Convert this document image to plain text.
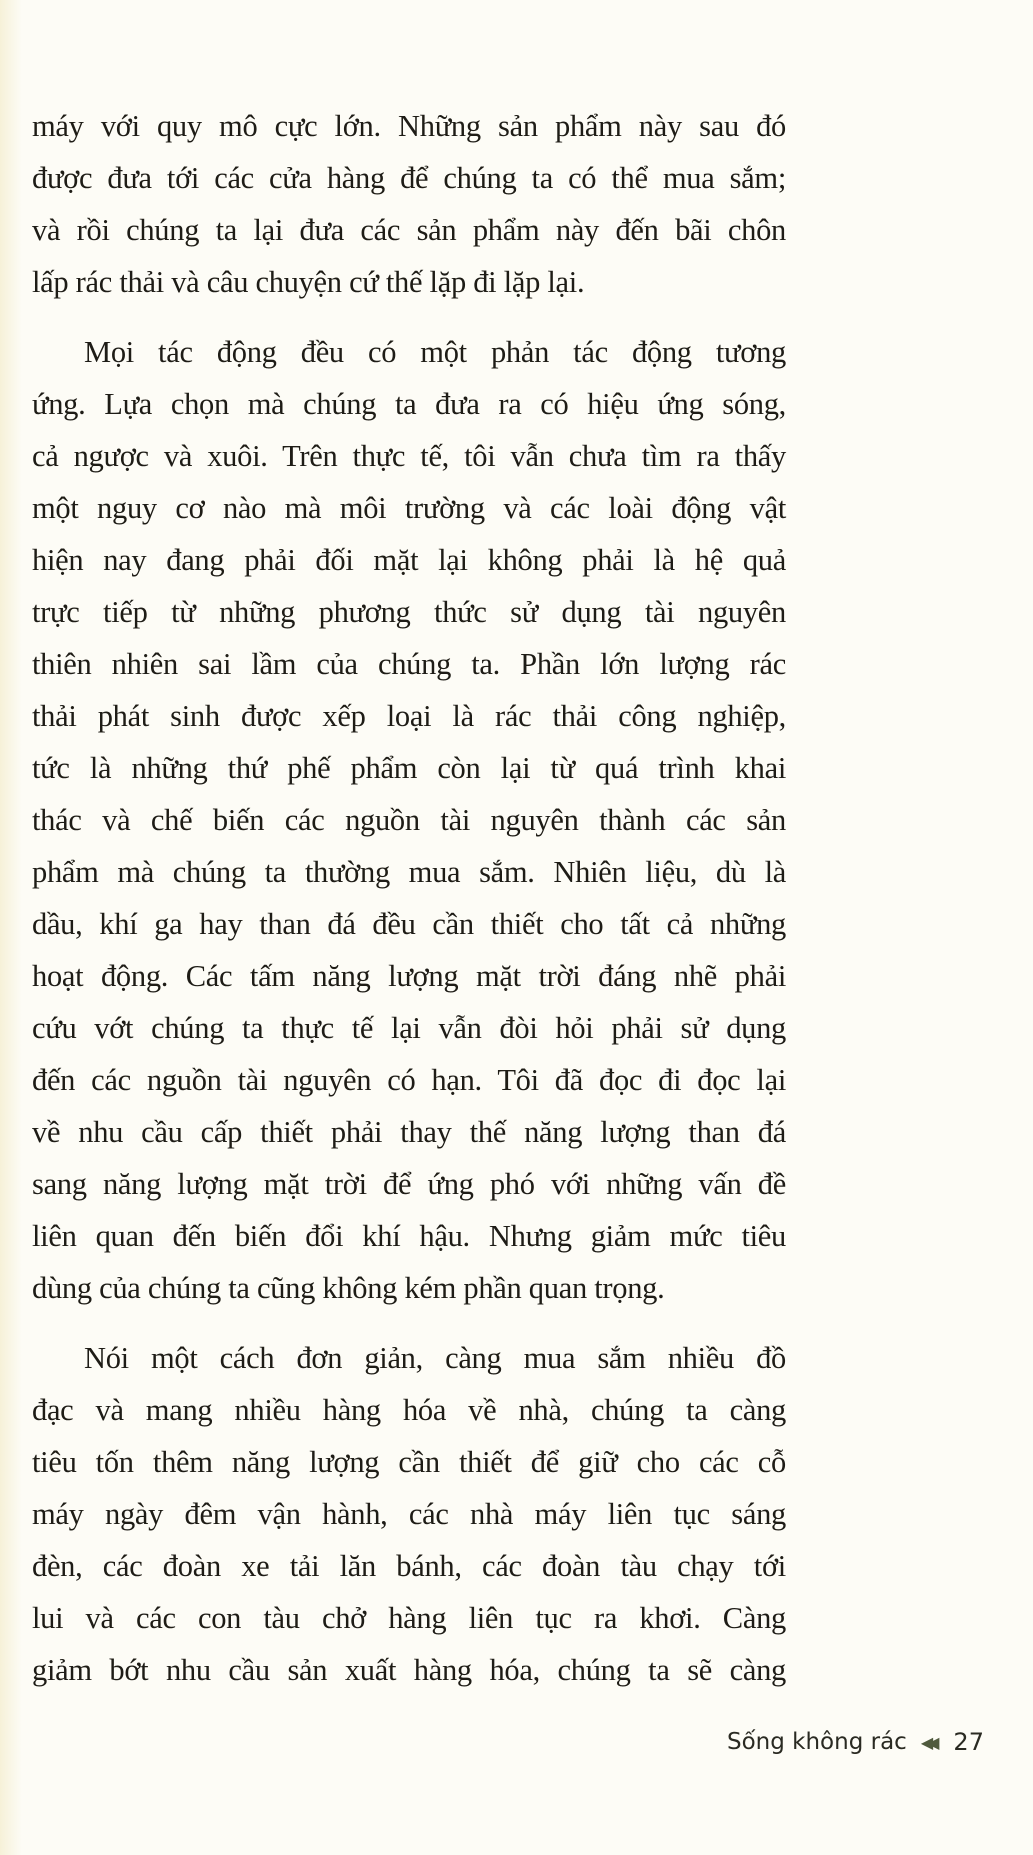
máy với quy mô cực lớn. Những sản phẩm này sau đó
được đưa tới các cửa hàng để chúng ta có thể mua sắm;
và rồi chúng ta lại đưa các sản phẩm này đến bãi chôn
lấp rác thải và câu chuyện cứ thế lặp đi lặp lại.
Mọi tác động đều có một phản tác động tương
ứng. Lựa chọn mà chúng ta đưa ra có hiệu ứng sóng,
cả ngược và xuôi. Trên thực tế, tôi vẫn chưa tìm ra thấy
một nguy cơ nào mà môi trường và các loài động vật
hiện nay đang phải đối mặt lại không phải là hệ quả
trực tiếp từ những phương thức sử dụng tài nguyên
thiên nhiên sai lầm của chúng ta. Phần lớn lượng rác
thải phát sinh được xếp loại là rác thải công nghiệp,
tức là những thứ phế phẩm còn lại từ quá trình khai
thác và chế biến các nguồn tài nguyên thành các sản
phẩm mà chúng ta thường mua sắm. Nhiên liệu, dù là
dầu, khí ga hay than đá đều cần thiết cho tất cả những
hoạt động. Các tấm năng lượng mặt trời đáng nhẽ phải
cứu vớt chúng ta thực tế lại vẫn đòi hỏi phải sử dụng
đến các nguồn tài nguyên có hạn. Tôi đã đọc đi đọc lại
về nhu cầu cấp thiết phải thay thế năng lượng than đá
sang năng lượng mặt trời để ứng phó với những vấn đề
liên quan đến biến đổi khí hậu. Nhưng giảm mức tiêu
dùng của chúng ta cũng không kém phần quan trọng.
Nói một cách đơn giản, càng mua sắm nhiều đồ
đạc và mang nhiều hàng hóa về nhà, chúng ta càng
tiêu tốn thêm năng lượng cần thiết để giữ cho các cỗ
máy ngày đêm vận hành, các nhà máy liên tục sáng
đèn, các đoàn xe tải lăn bánh, các đoàn tàu chạy tới
lui và các con tàu chở hàng liên tục ra khơi. Càng
giảm bớt nhu cầu sản xuất hàng hóa, chúng ta sẽ càng
Sống không rác ◀◀ 27
